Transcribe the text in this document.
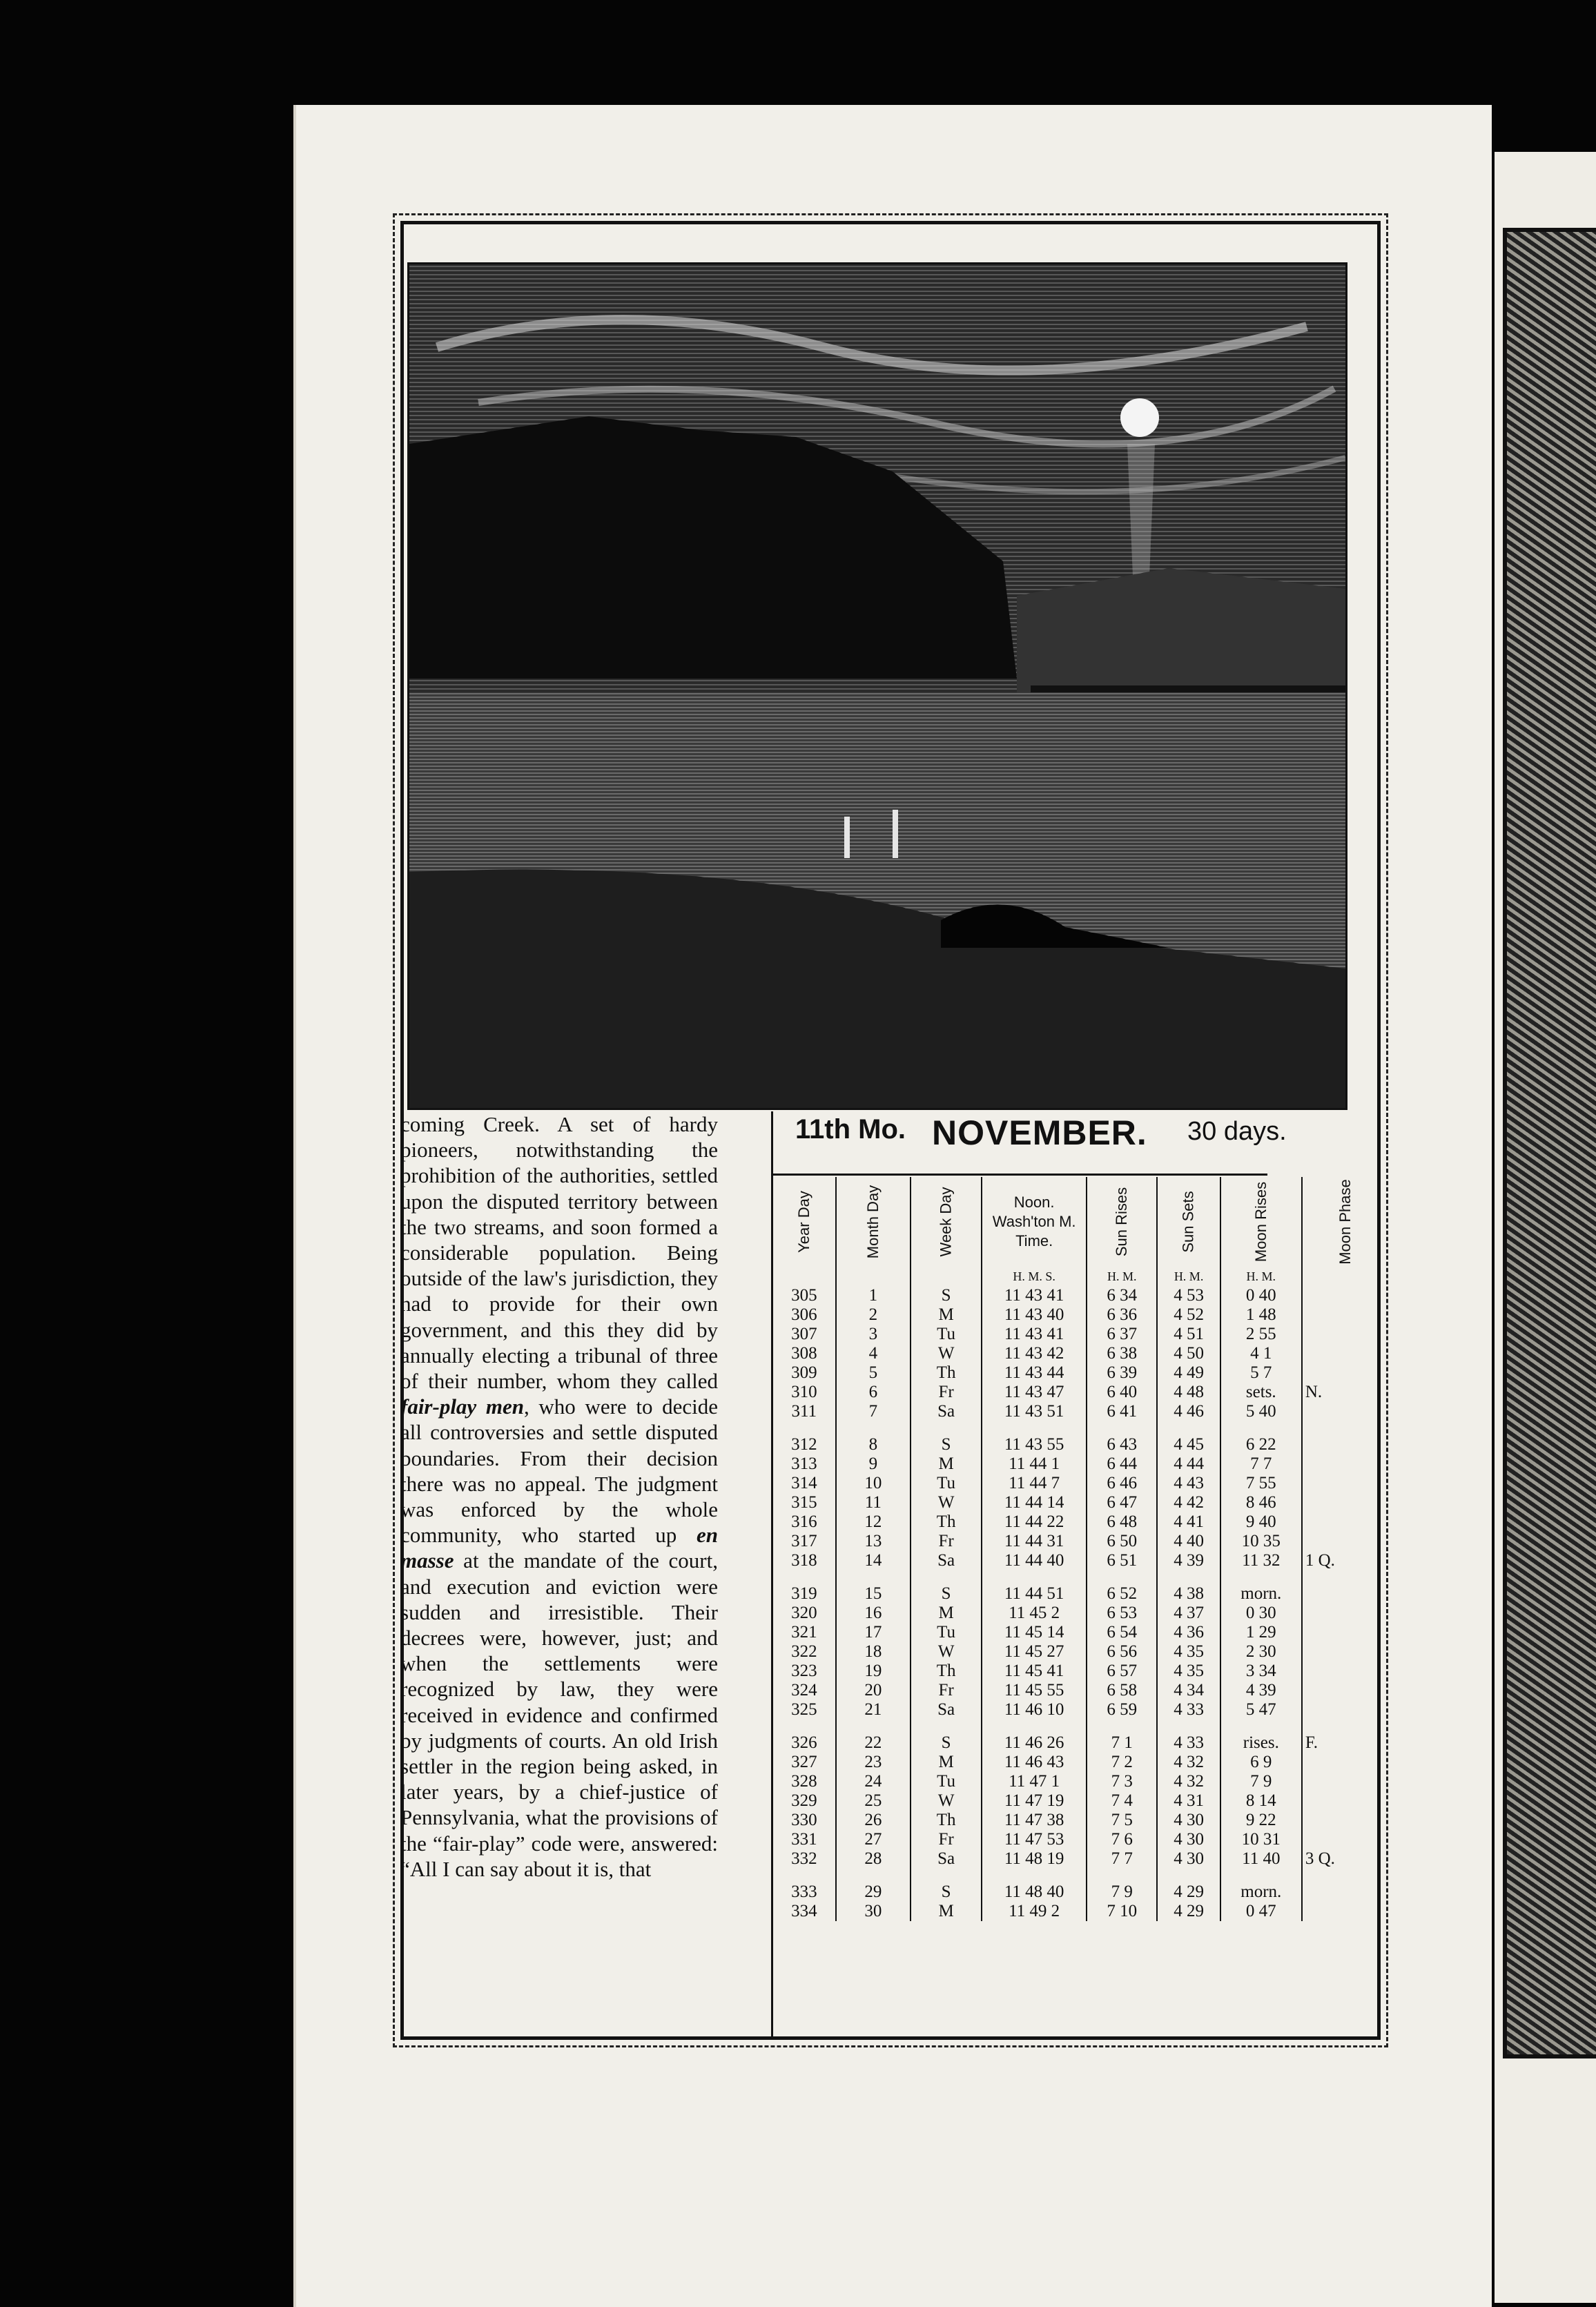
coming Creek. A set of hardy pioneers, notwithstanding the prohibition of the authorities, settled upon the disputed territory between the two streams, and soon formed a considerable population. Being outside of the law's jurisdiction, they had to provide for their own government, and this they did by annually electing a tribunal of three of their number, whom they called fair-play men, who were to decide all controversies and settle disputed boundaries. From their decision there was no appeal. The judgment was enforced by the whole community, who started up en masse at the mandate of the court, and execution and eviction were sudden and irresistible. Their decrees were, however, just; and when the settlements were recognized by law, they were received in evidence and confirmed by judgments of courts. An old Irish settler in the region being asked, in later years, by a chief-justice of Pennsylvania, what the provisions of the “fair-play” code were, answered: “All I can say about it is, that

11th Mo. NOVEMBER. 30 days.
Year Day	Month Day	Week Day	Noon. Wash'ton M. Time.	Sun Rises	Sun Sets	Moon Rises	Moon Phase
			H. M. S.	H. M.	H. M.	H. M.	
305	1	S	11 43 41	6 34	4 53	0 40	
306	2	M	11 43 40	6 36	4 52	1 48	
307	3	Tu	11 43 41	6 37	4 51	2 55	
308	4	W	11 43 42	6 38	4 50	4 1	
309	5	Th	11 43 44	6 39	4 49	5 7	
310	6	Fr	11 43 47	6 40	4 48	sets.	N.
311	7	Sa	11 43 51	6 41	4 46	5 40	

312	8	S	11 43 55	6 43	4 45	6 22	
313	9	M	11 44 1	6 44	4 44	7 7	
314	10	Tu	11 44 7	6 46	4 43	7 55	
315	11	W	11 44 14	6 47	4 42	8 46	
316	12	Th	11 44 22	6 48	4 41	9 40	
317	13	Fr	11 44 31	6 50	4 40	10 35	
318	14	Sa	11 44 40	6 51	4 39	11 32	1 Q.

319	15	S	11 44 51	6 52	4 38	morn.	
320	16	M	11 45 2	6 53	4 37	0 30	
321	17	Tu	11 45 14	6 54	4 36	1 29	
322	18	W	11 45 27	6 56	4 35	2 30	
323	19	Th	11 45 41	6 57	4 35	3 34	
324	20	Fr	11 45 55	6 58	4 34	4 39	
325	21	Sa	11 46 10	6 59	4 33	5 47	

326	22	S	11 46 26	7 1	4 33	rises.	F.
327	23	M	11 46 43	7 2	4 32	6 9	
328	24	Tu	11 47 1	7 3	4 32	7 9	
329	25	W	11 47 19	7 4	4 31	8 14	
330	26	Th	11 47 38	7 5	4 30	9 22	
331	27	Fr	11 47 53	7 6	4 30	10 31	
332	28	Sa	11 48 19	7 7	4 30	11 40	3 Q.

333	29	S	11 48 40	7 9	4 29	morn.	
334	30	M	11 49 2	7 10	4 29	0 47	
